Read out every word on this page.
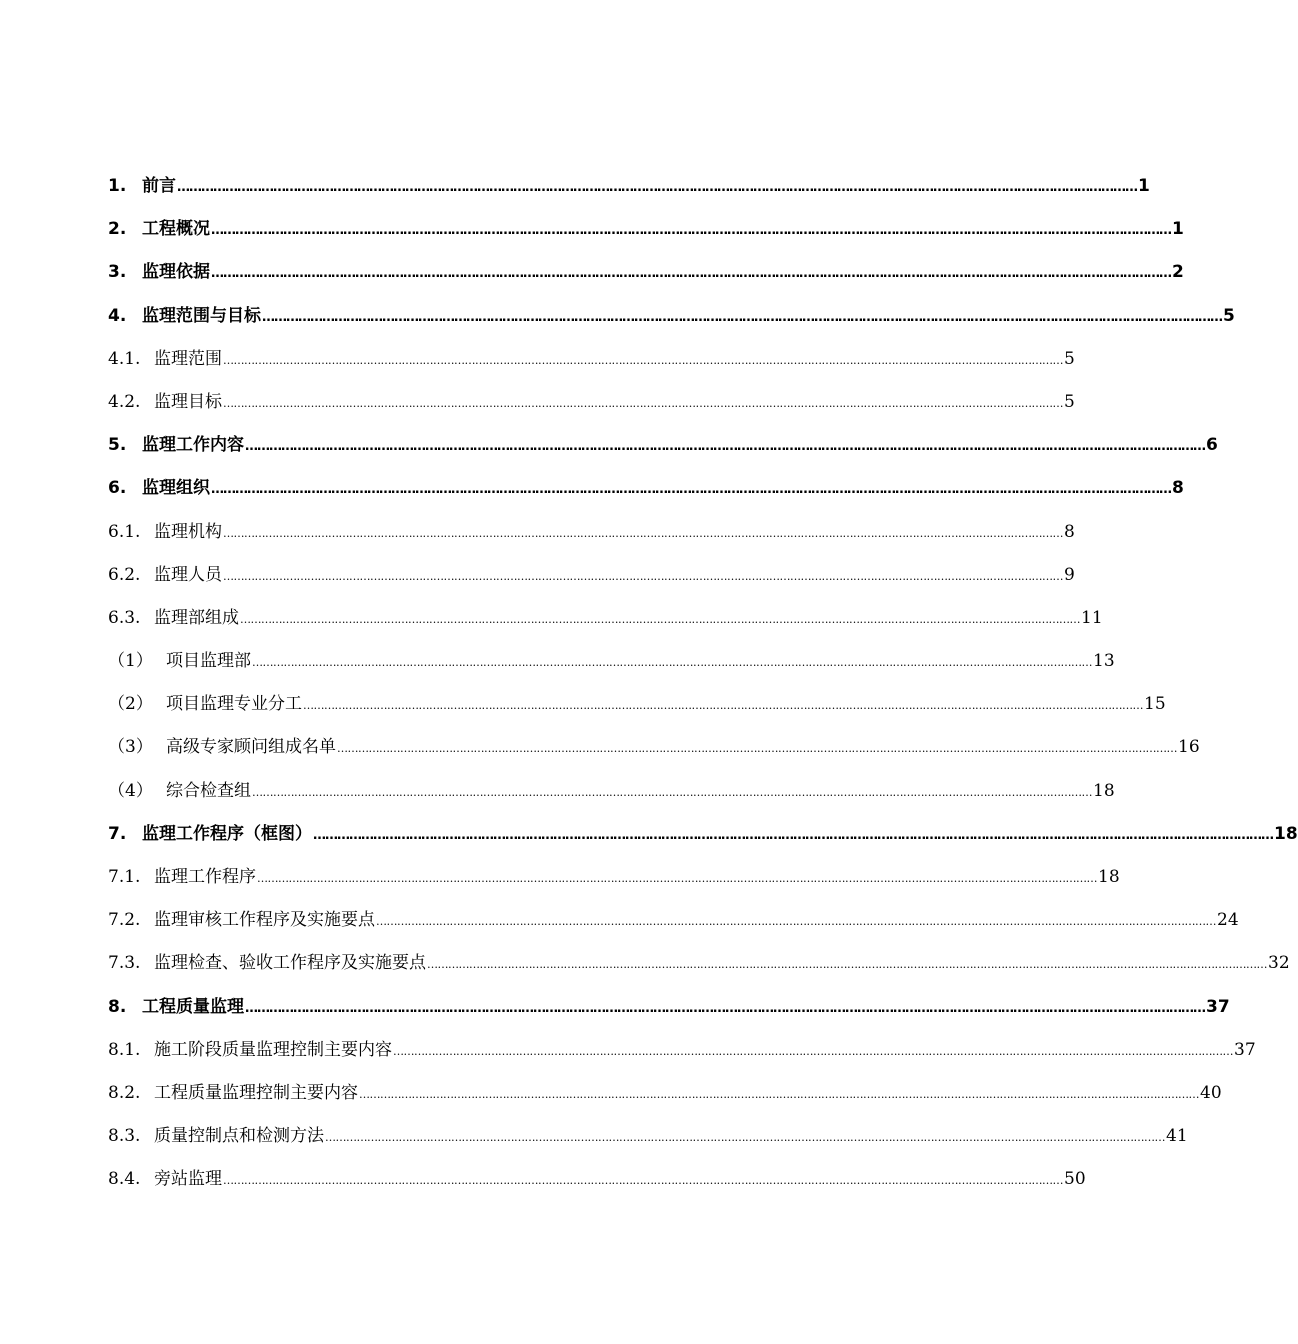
1. 前言 …………………………………………………………………………………………………………………………………………………………………………………………………………………… 1
2. 工程概况 …………………………………………………………………………………………………………………………………………………………………………………………………………………… 1
3. 监理依据 …………………………………………………………………………………………………………………………………………………………………………………………………………………… 2
4. 监理范围与目标 …………………………………………………………………………………………………………………………………………………………………………………………………………………… 5
4.1. 监理范围 …………………………………………………………………………………………………………………………………………………………………………………………………………………… 5
4.2. 监理目标 …………………………………………………………………………………………………………………………………………………………………………………………………………………… 5
5. 监理工作内容 …………………………………………………………………………………………………………………………………………………………………………………………………………………… 6
6. 监理组织 …………………………………………………………………………………………………………………………………………………………………………………………………………………… 8
6.1. 监理机构 …………………………………………………………………………………………………………………………………………………………………………………………………………………… 8
6.2. 监理人员 …………………………………………………………………………………………………………………………………………………………………………………………………………………… 9
6.3. 监理部组成 …………………………………………………………………………………………………………………………………………………………………………………………………………………… 11
（1） 项目监理部 …………………………………………………………………………………………………………………………………………………………………………………………………………………… 13
（2） 项目监理专业分工 …………………………………………………………………………………………………………………………………………………………………………………………………………………… 15
（3） 高级专家顾问组成名单 …………………………………………………………………………………………………………………………………………………………………………………………………………………… 16
（4） 综合检查组 …………………………………………………………………………………………………………………………………………………………………………………………………………………… 18
7. 监理工作程序（框图） …………………………………………………………………………………………………………………………………………………………………………………………………………………… 18
7.1. 监理工作程序 …………………………………………………………………………………………………………………………………………………………………………………………………………………… 18
7.2. 监理审核工作程序及实施要点 …………………………………………………………………………………………………………………………………………………………………………………………………………………… 24
7.3. 监理检查、验收工作程序及实施要点 …………………………………………………………………………………………………………………………………………………………………………………………………………………… 32
8. 工程质量监理 …………………………………………………………………………………………………………………………………………………………………………………………………………………… 37
8.1. 施工阶段质量监理控制主要内容 …………………………………………………………………………………………………………………………………………………………………………………………………………………… 37
8.2. 工程质量监理控制主要内容 …………………………………………………………………………………………………………………………………………………………………………………………………………………… 40
8.3. 质量控制点和检测方法 …………………………………………………………………………………………………………………………………………………………………………………………………………………… 41
8.4. 旁站监理 …………………………………………………………………………………………………………………………………………………………………………………………………………………… 50
